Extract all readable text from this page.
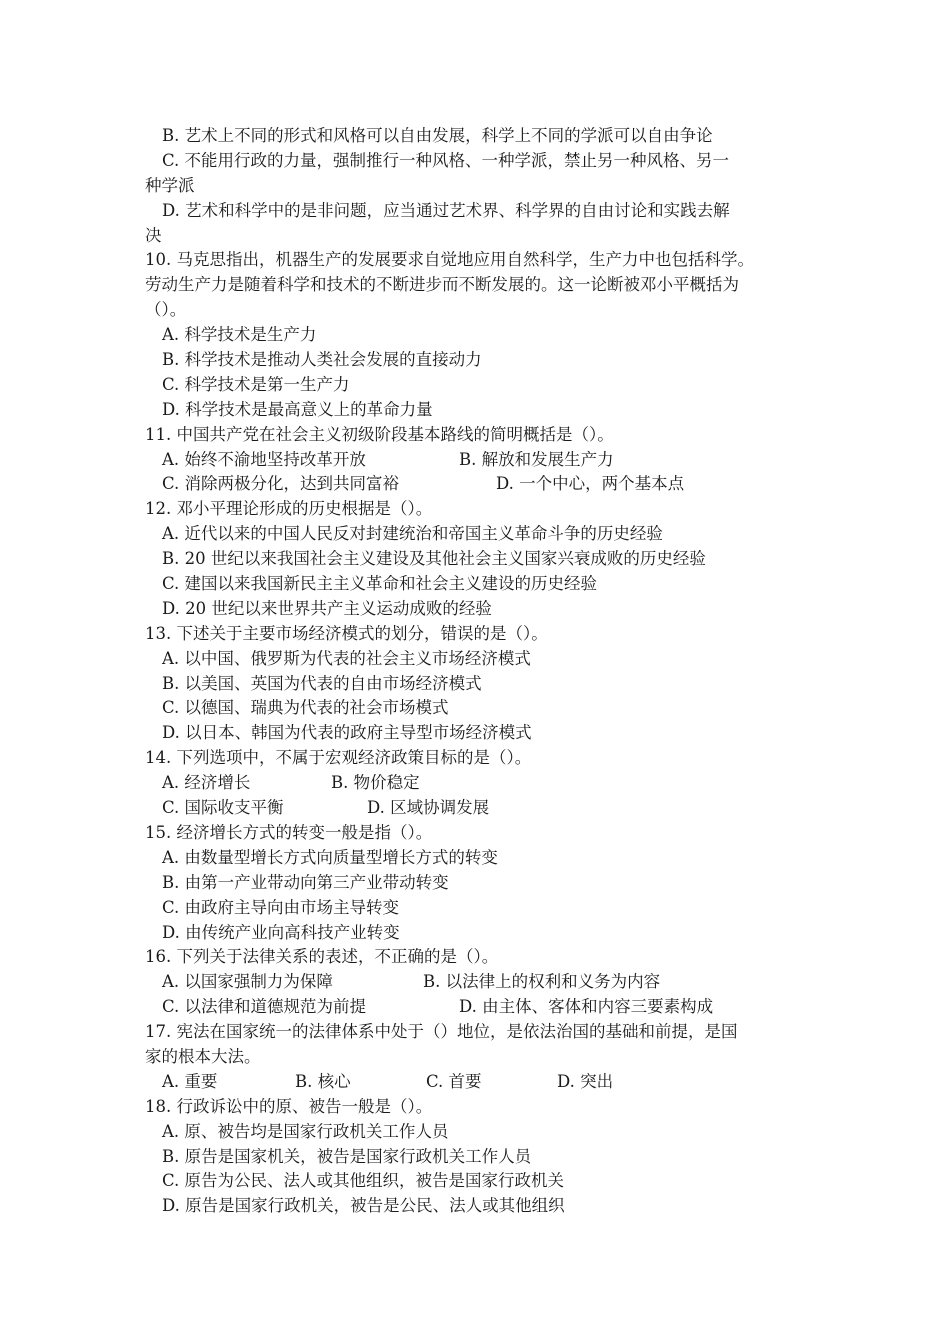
B. 艺术上不同的形式和风格可以自由发展，科学上不同的学派可以自由争论
C. 不能用行政的力量，强制推行一种风格、一种学派，禁止另一种风格、另一
种学派
D. 艺术和科学中的是非问题，应当通过艺术界、科学界的自由讨论和实践去解
决
10. 马克思指出，机器生产的发展要求自觉地应用自然科学，生产力中也包括科学。
劳动生产力是随着科学和技术的不断进步而不断发展的。这一论断被邓小平概括为
（）。
A. 科学技术是生产力
B. 科学技术是推动人类社会发展的直接动力
C. 科学技术是第一生产力
D. 科学技术是最高意义上的革命力量
11. 中国共产党在社会主义初级阶段基本路线的简明概括是（）。
A. 始终不渝地坚持改革开放	B. 解放和发展生产力
C. 消除两极分化，达到共同富裕	D. 一个中心，两个基本点
12. 邓小平理论形成的历史根据是（）。
A. 近代以来的中国人民反对封建统治和帝国主义革命斗争的历史经验
B. 20 世纪以来我国社会主义建设及其他社会主义国家兴衰成败的历史经验
C. 建国以来我国新民主主义革命和社会主义建设的历史经验
D. 20 世纪以来世界共产主义运动成败的经验
13. 下述关于主要市场经济模式的划分，错误的是（）。
A. 以中国、俄罗斯为代表的社会主义市场经济模式
B. 以美国、英国为代表的自由市场经济模式
C. 以德国、瑞典为代表的社会市场模式
D. 以日本、韩国为代表的政府主导型市场经济模式
14. 下列选项中，不属于宏观经济政策目标的是（）。
A. 经济增长	B. 物价稳定
C. 国际收支平衡	D. 区域协调发展
15. 经济增长方式的转变一般是指（）。
A. 由数量型增长方式向质量型增长方式的转变
B. 由第一产业带动向第三产业带动转变
C. 由政府主导向由市场主导转变
D. 由传统产业向高科技产业转变
16. 下列关于法律关系的表述，不正确的是（）。
A. 以国家强制力为保障	B. 以法律上的权利和义务为内容
C. 以法律和道德规范为前提	D. 由主体、客体和内容三要素构成
17. 宪法在国家统一的法律体系中处于（）地位，是依法治国的基础和前提，是国
家的根本大法。
A. 重要	B. 核心	C. 首要	D. 突出
18. 行政诉讼中的原、被告一般是（）。
A. 原、被告均是国家行政机关工作人员
B. 原告是国家机关，被告是国家行政机关工作人员
C. 原告为公民、法人或其他组织，被告是国家行政机关
D. 原告是国家行政机关，被告是公民、法人或其他组织
